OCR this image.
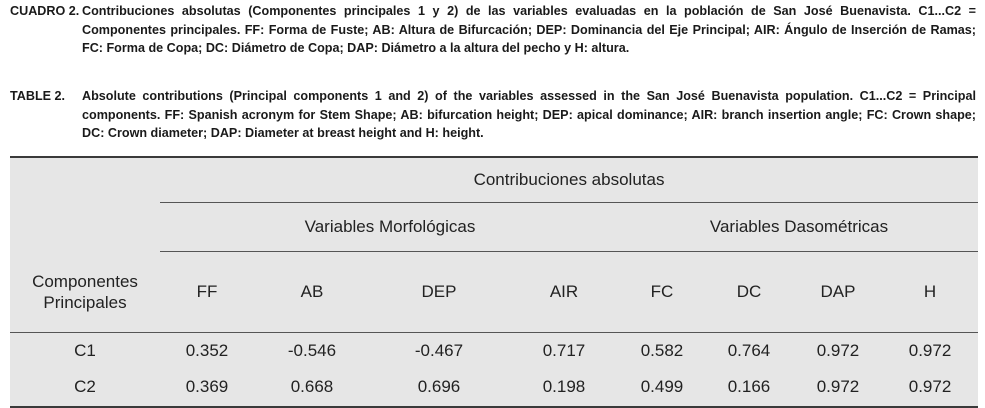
CUADRO 2. Contribuciones absolutas (Componentes principales 1 y 2) de las variables evaluadas en la población de San José Buenavista. C1...C2 = Componentes principales. FF: Forma de Fuste; AB: Altura de Bifurcación; DEP: Dominancia del Eje Principal; AIR: Ángulo de Inserción de Ramas; FC: Forma de Copa; DC: Diámetro de Copa; DAP: Diámetro a la altura del pecho y H: altura.
TABLE 2.	Absolute contributions (Principal components 1 and 2) of the variables assessed in the San José Buenavista population. C1...C2 = Principal components. FF: Spanish acronym for Stem Shape; AB: bifurcation height; DEP: apical dominance; AIR: branch insertion angle; FC: Crown shape; DC: Crown diameter; DAP: Diameter at breast height and H: height.
	Contribuciones absolutas							
	Variables Morfológicas				Variables Dasométricas			
Componentes
Principales	FF	AB	DEP	AIR	FC	DC	DAP	H
C1	0.352	-0.546	-0.467	0.717	0.582	0.764	0.972	0.972
C2	0.369	0.668	0.696	0.198	0.499	0.166	0.972	0.972
